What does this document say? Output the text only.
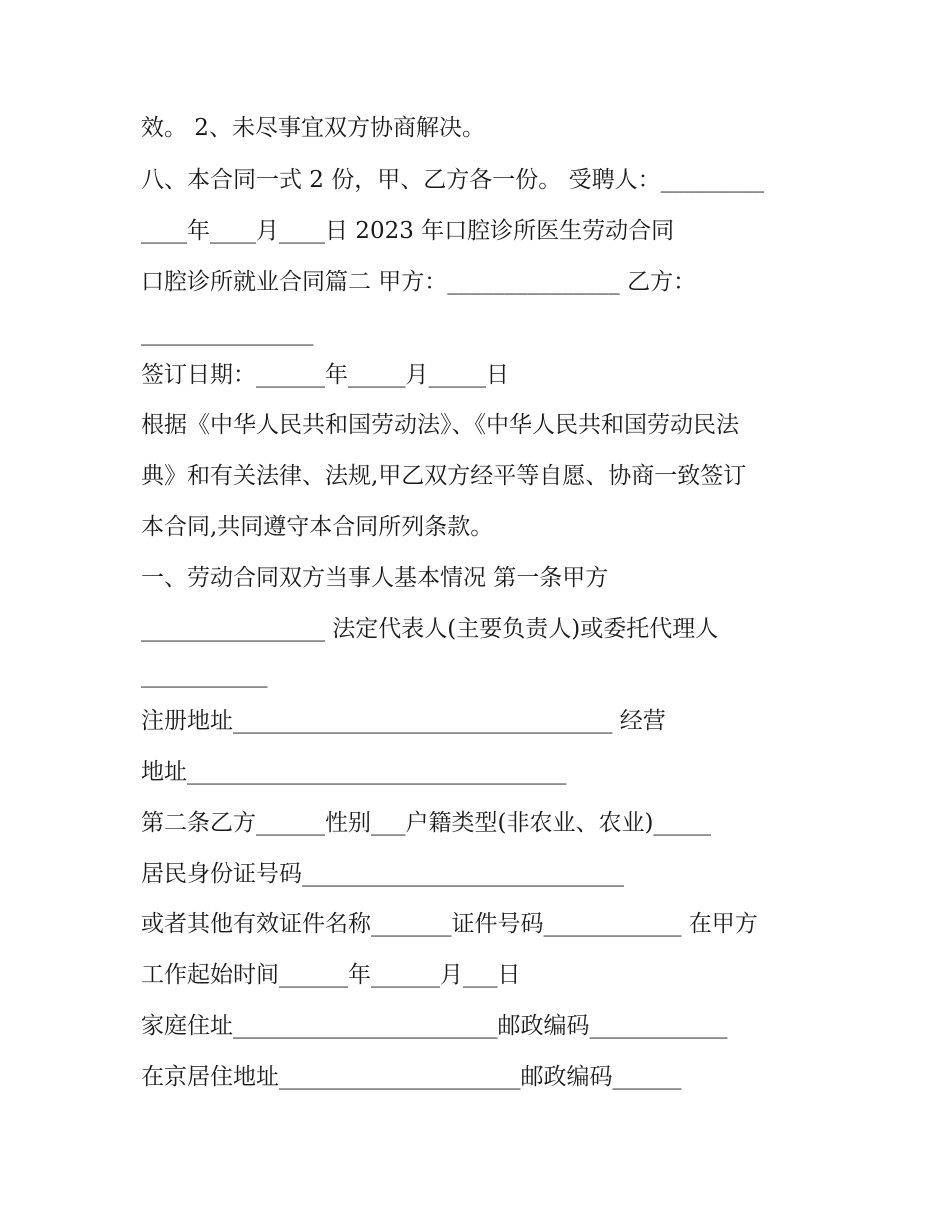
效。 2、未尽事宜双方协商解决。
八、本合同一式 2 份，甲、乙方各一份。 受聘人：_________
____年____月____日 2023 年口腔诊所医生劳动合同
口腔诊所就业合同篇二 甲方：_______________ 乙方：
_______________
签订日期：______年_____月_____日
根据《中华人民共和国劳动法》、《中华人民共和国劳动民法
典》和有关法律、法规,甲乙双方经平等自愿、协商一致签订
本合同,共同遵守本合同所列条款。
一、劳动合同双方当事人基本情况 第一条甲方
________________ 法定代表人(主要负责人)或委托代理人
___________
注册地址_________________________________ 经营
地址_________________________________
第二条乙方______性别___户籍类型(非农业、农业)_____
居民身份证号码____________________________
或者其他有效证件名称_______证件号码____________ 在甲方
工作起始时间______年______月___日
家庭住址_______________________邮政编码____________
在京居住地址_____________________邮政编码______
